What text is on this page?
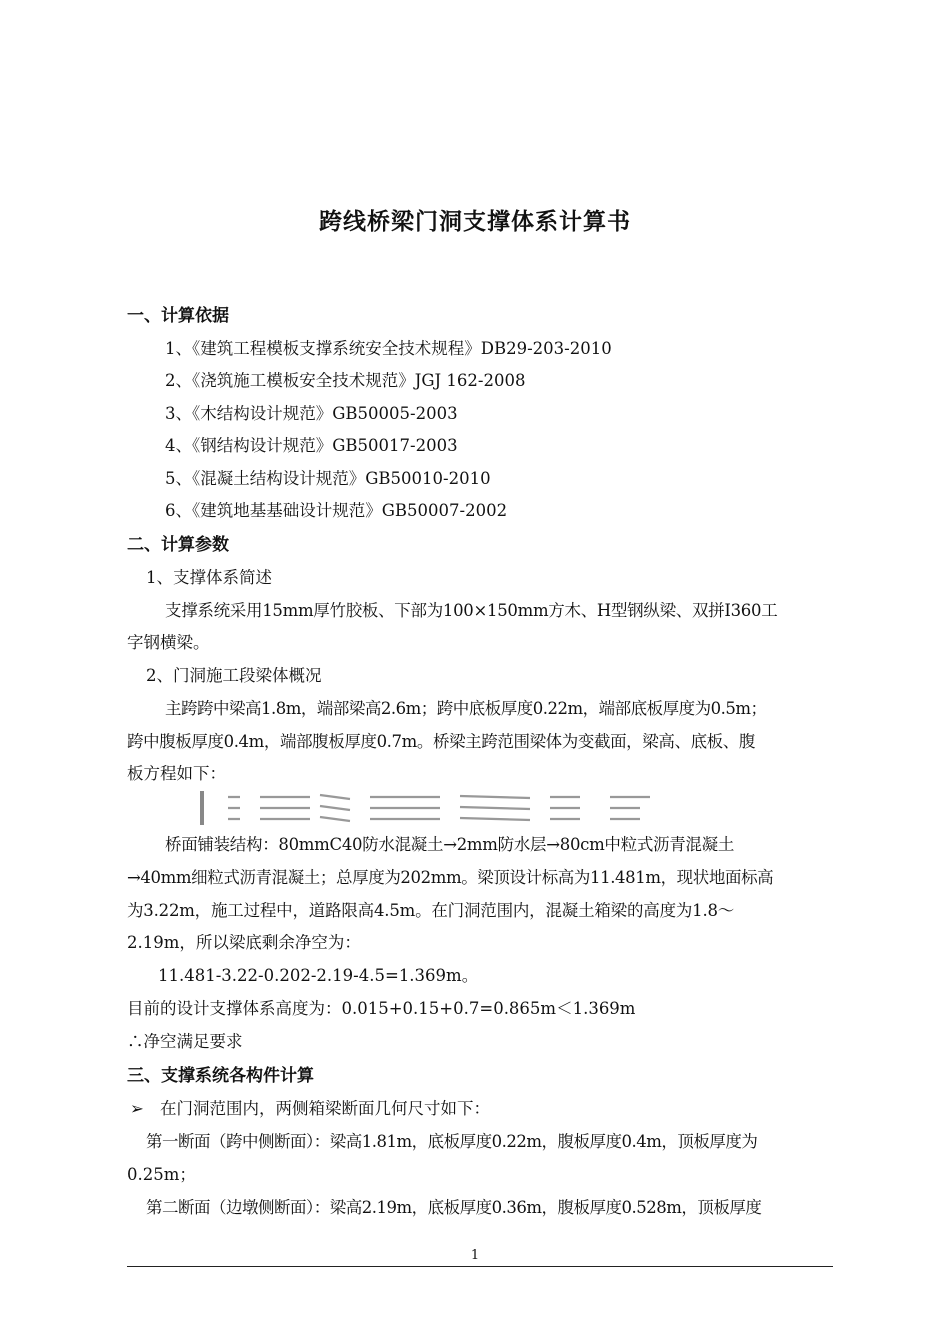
跨线桥梁门洞支撑体系计算书
一、计算依据
1、《建筑工程模板支撑系统安全技术规程》DB29-203-2010
2、《浇筑施工模板安全技术规范》JGJ 162-2008
3、《木结构设计规范》GB50005-2003
4、《钢结构设计规范》GB50017-2003
5、《混凝土结构设计规范》GB50010-2010
6、《建筑地基基础设计规范》GB50007-2002
二、计算参数
1、支撑体系简述
支撑系统采用15mm厚竹胶板、下部为100×150mm方木、H型钢纵梁、双拼I360工
字钢横梁。
2、门洞施工段梁体概况
主跨跨中梁高1.8m，端部梁高2.6m；跨中底板厚度0.22m，端部底板厚度为0.5m；
跨中腹板厚度0.4m，端部腹板厚度0.7m。桥梁主跨范围梁体为变截面，梁高、底板、腹
板方程如下：
桥面铺装结构：80mmC40防水混凝土→2mm防水层→80cm中粒式沥青混凝土
→40mm细粒式沥青混凝土；总厚度为202mm。梁顶设计标高为11.481m，现状地面标高
为3.22m，施工过程中，道路限高4.5m。在门洞范围内，混凝土箱梁的高度为1.8～
2.19m，所以梁底剩余净空为：
11.481-3.22-0.202-2.19-4.5=1.369m。
目前的设计支撑体系高度为：0.015+0.15+0.7=0.865m＜1.369m
∴净空满足要求
三、支撑系统各构件计算
➢ 在门洞范围内，两侧箱梁断面几何尺寸如下：
第一断面（跨中侧断面）：梁高1.81m，底板厚度0.22m，腹板厚度0.4m，顶板厚度为
0.25m；
第二断面（边墩侧断面）：梁高2.19m，底板厚度0.36m，腹板厚度0.528m，顶板厚度
1
